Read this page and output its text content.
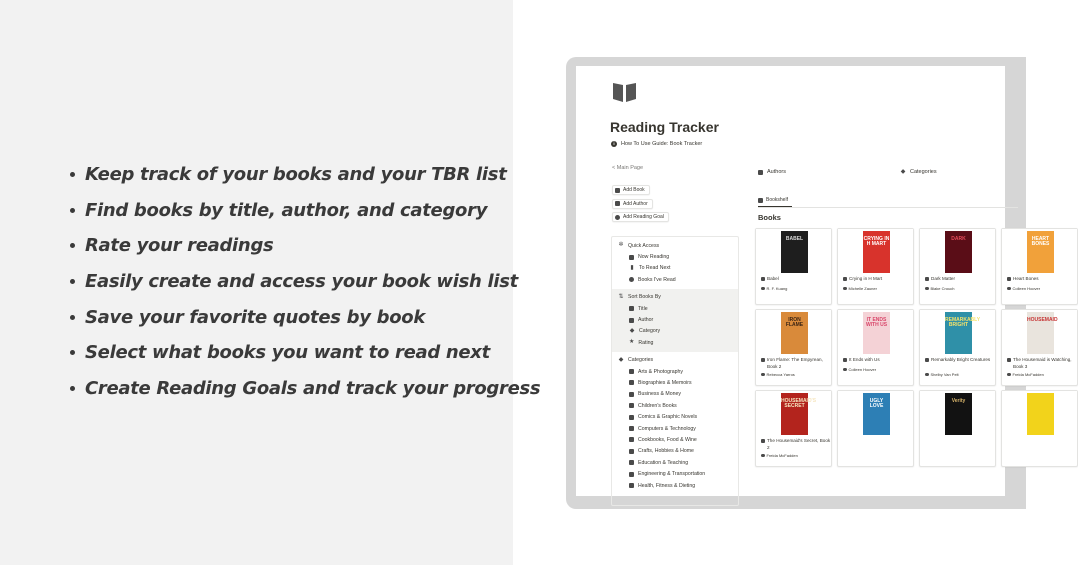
Keep track of your books and your TBR list
Find books by title, author, and category
Rate your readings
Easily create and access your book wish list
Save your favorite quotes by book
Select what books you want to read next
Create Reading Goals and track your progress
Reading Tracker
i	How To Use Guide: Book Tracker
< Main Page
Add Book
Add Author
Add Reading Goal
✲ Quick Access
Now Reading
▮ To Read Next
Books I've Read
⇅ Sort Books By
Title
Author
◆ Category
★ Rating
◆ Categories
Arts & Photography
Biographies & Memoirs
Business & Money
Children's Books
Comics & Graphic Novels
Computers & Technology
Cookbooks, Food & Wine
Crafts, Hobbies & Home
Education & Teaching
Engineering & Transportation
Health, Fitness & Dieting
Authors	◆ Categories
Bookshelf
Books
BABEL
Babel
R. F. Kuang
CRYING IN H MART
Crying in H Mart
Michelle Zauner
DARK
Dark Matter
Blake Crouch
HEART BONES
Heart Bones
Colleen Hoover
IRON FLAME
Iron Flame: The Empyrean, Book 2
Rebecca Yarros
IT ENDS WITH US
It Ends with Us
Colleen Hoover
REMARKABLY BRIGHT
Remarkably Bright Creatures
Shelby Van Pelt
HOUSEMAID
The Housemaid is Watching, Book 3
Freida McFadden
HOUSEMAID'S SECRET
The Housemaid's Secret, Book 2
Freida McFadden
UGLY LOVE
Verity
